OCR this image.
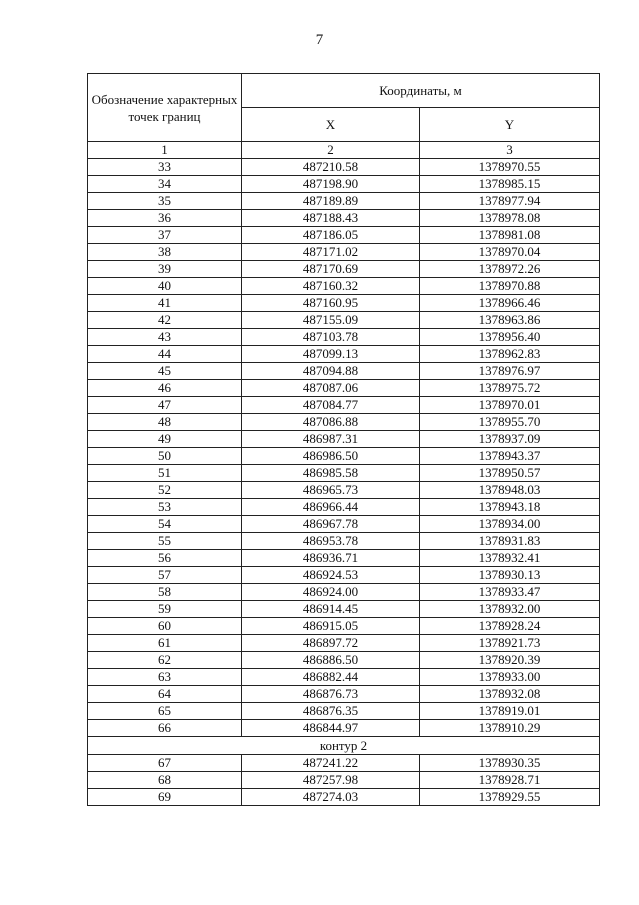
7
Обозначение характерных точек границ	Координаты, м	
	X	Y
1	2	3
33	487210.58	1378970.55
34	487198.90	1378985.15
35	487189.89	1378977.94
36	487188.43	1378978.08
37	487186.05	1378981.08
38	487171.02	1378970.04
39	487170.69	1378972.26
40	487160.32	1378970.88
41	487160.95	1378966.46
42	487155.09	1378963.86
43	487103.78	1378956.40
44	487099.13	1378962.83
45	487094.88	1378976.97
46	487087.06	1378975.72
47	487084.77	1378970.01
48	487086.88	1378955.70
49	486987.31	1378937.09
50	486986.50	1378943.37
51	486985.58	1378950.57
52	486965.73	1378948.03
53	486966.44	1378943.18
54	486967.78	1378934.00
55	486953.78	1378931.83
56	486936.71	1378932.41
57	486924.53	1378930.13
58	486924.00	1378933.47
59	486914.45	1378932.00
60	486915.05	1378928.24
61	486897.72	1378921.73
62	486886.50	1378920.39
63	486882.44	1378933.00
64	486876.73	1378932.08
65	486876.35	1378919.01
66	486844.97	1378910.29
контур 2		
67	487241.22	1378930.35
68	487257.98	1378928.71
69	487274.03	1378929.55
